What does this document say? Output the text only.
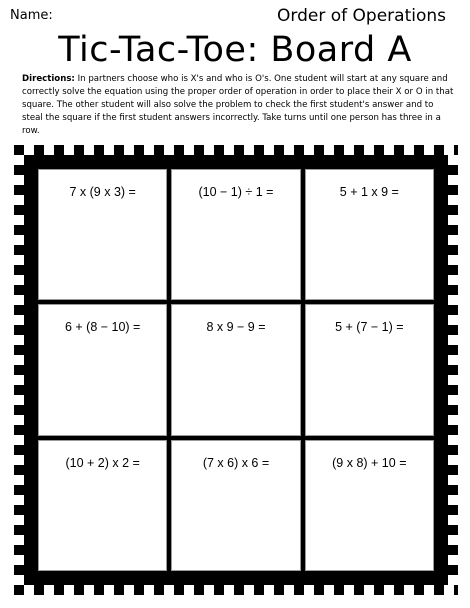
Name:	Order of Operations
Tic-Tac-Toe: Board A
Directions: In partners choose who is X's and who is O's. One student will start at any square and correctly solve the equation using the proper order of operation in order to place their X or O in that square. The other student will also solve the problem to check the first student's answer and to steal the square if the first student answers incorrectly. Take turns until one person has three in a row.
7 x (9 x 3) =	(10 − 1) ÷ 1 =	5 + 1 x 9 =
6 + (8 − 10) =	8 x 9 − 9 =	5 + (7 − 1) =
(10 + 2) x 2 =	(7 x 6) x 6 =	(9 x 8) + 10 =
